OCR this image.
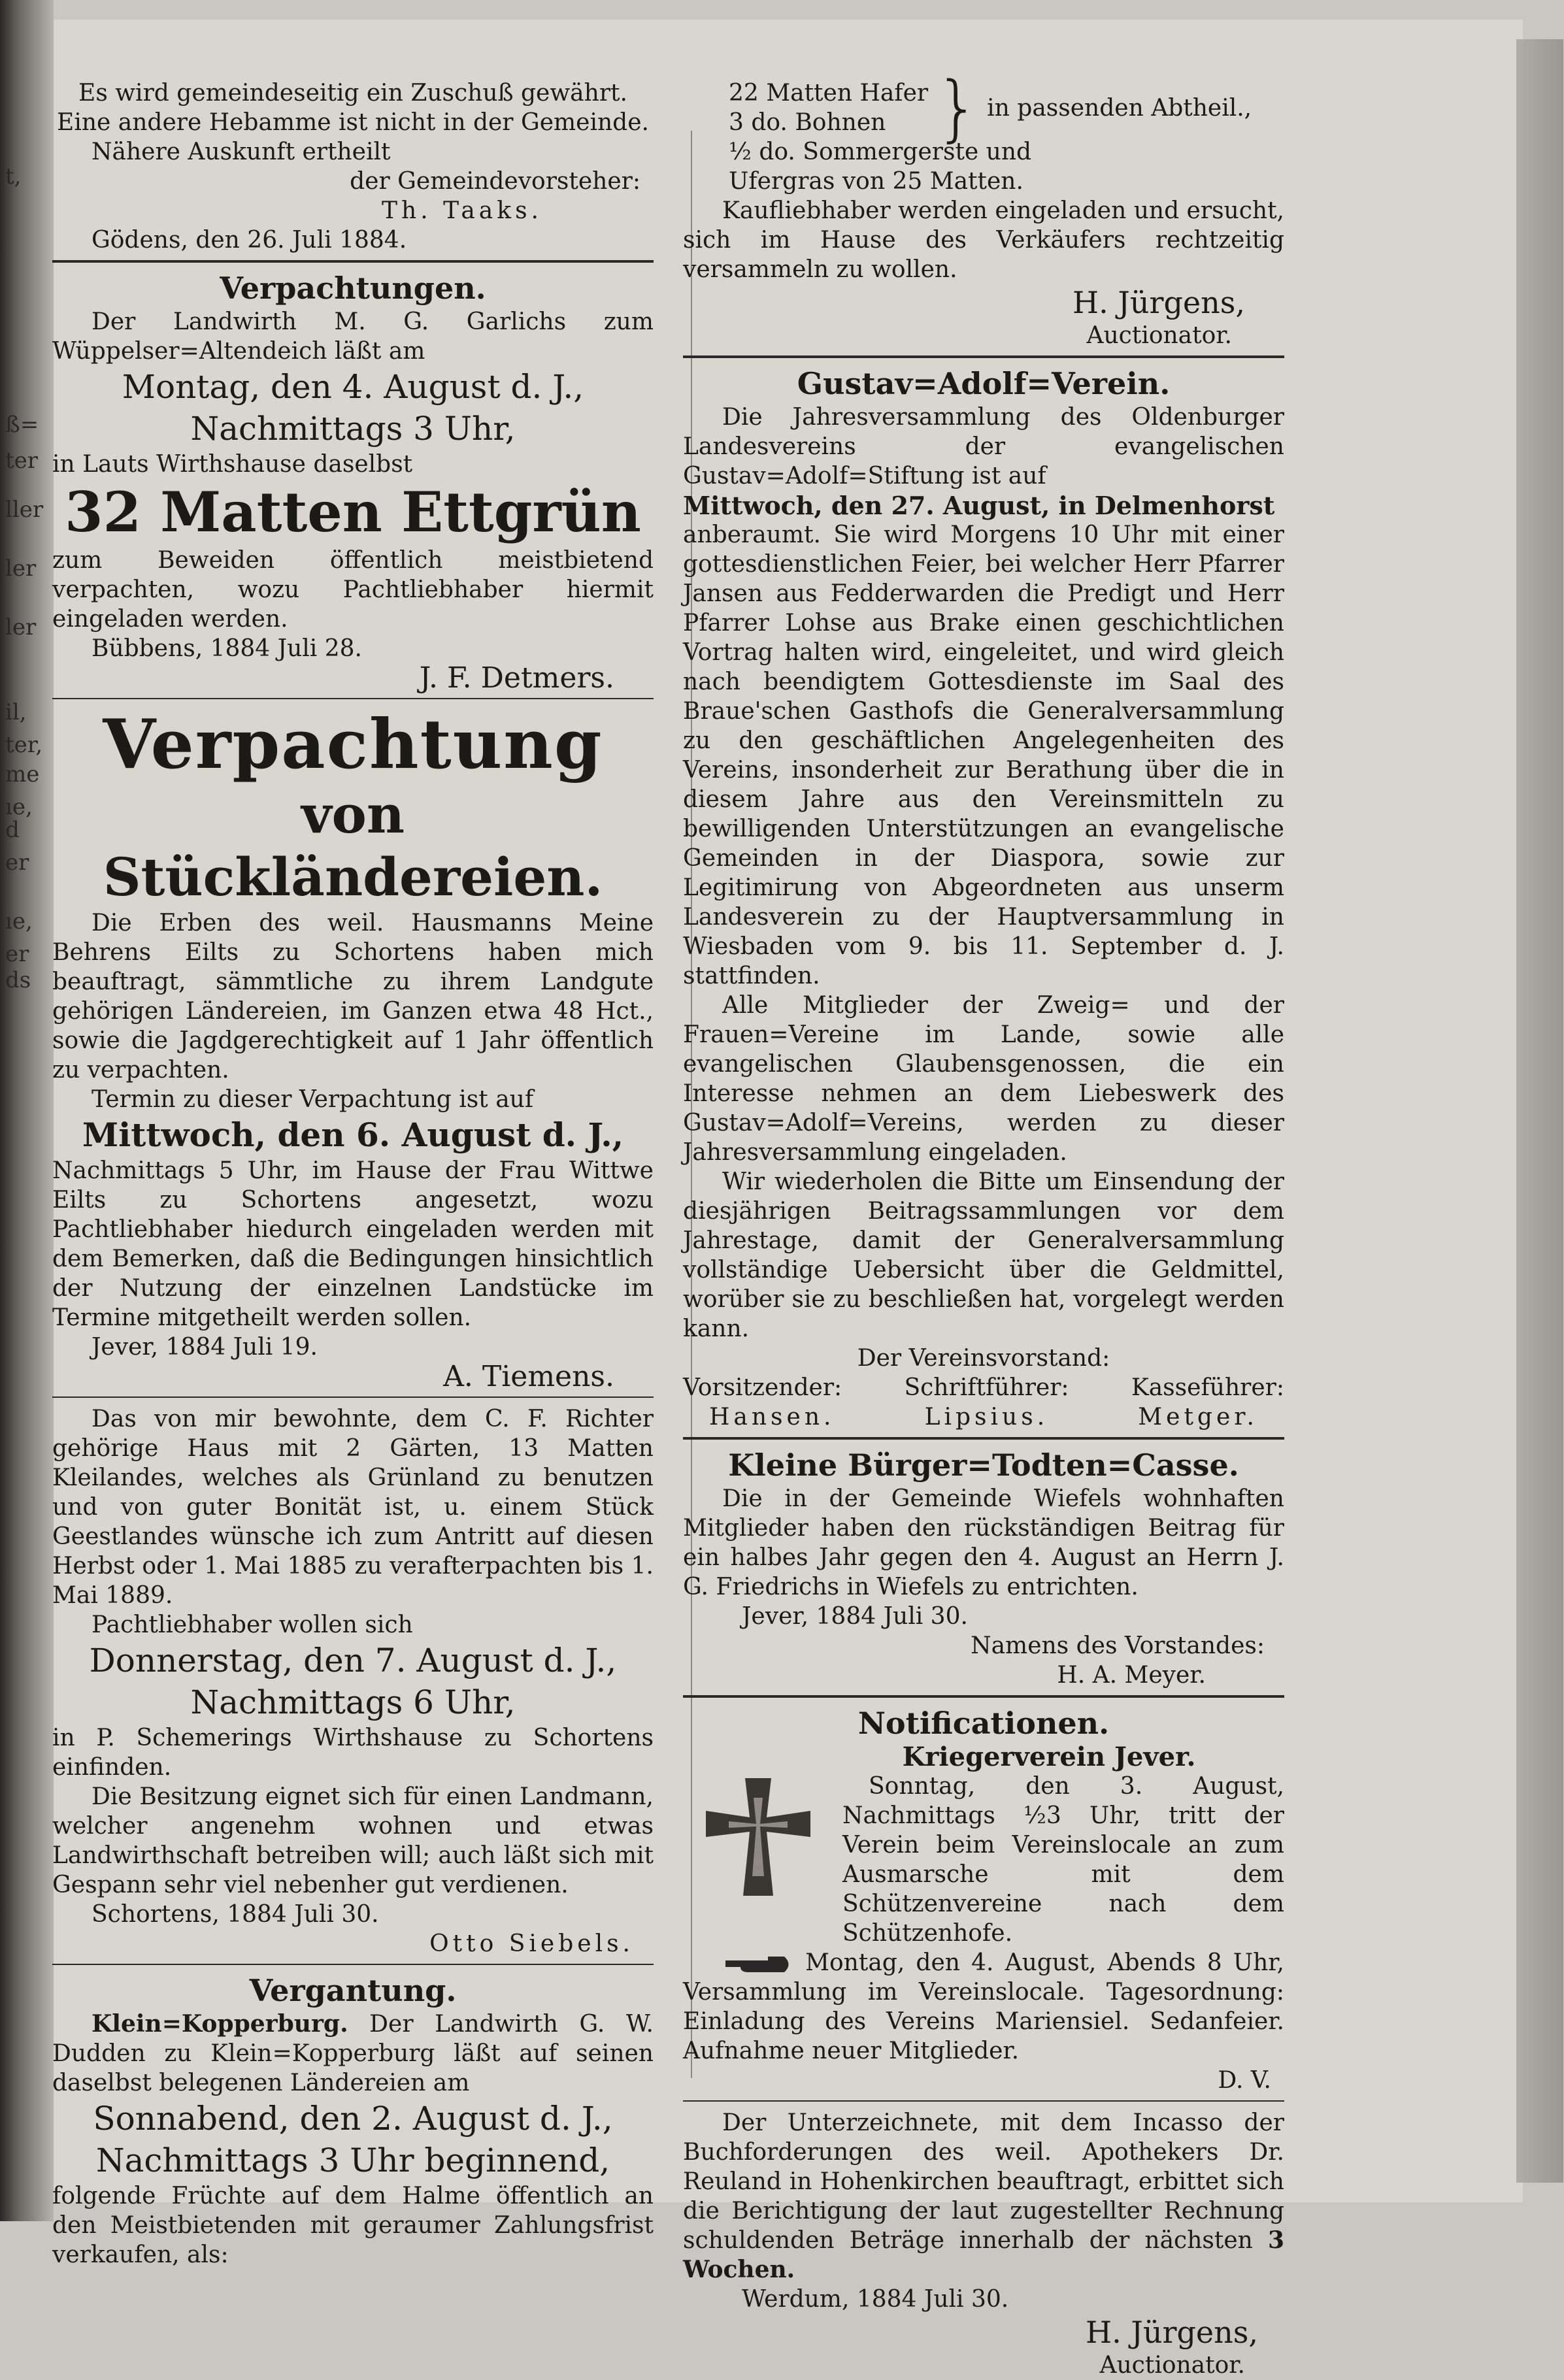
t,
ß=
ter
ller
ler
ler
il,
ter,
me
ıe,
d
er
ıe,
er
ds

Es wird gemeindeseitig ein Zuschuß gewährt.

Eine andere Hebamme ist nicht in der Gemeinde.

Nähere Auskunft ertheilt

der Gemeindevorsteher:

Th. Taaks.

Gödens, den 26. Juli 1884.

Verpachtungen.

Der Landwirth M. G. Garlichs zum Wüppelser=Altendeich läßt am

Montag, den 4. August d. J.,

Nachmittags 3 Uhr,

in Lauts Wirthshause daselbst

32 Matten Ettgrün

zum Beweiden öffentlich meistbietend verpachten, wozu Pachtliebhaber hiermit eingeladen werden.

Bübbens, 1884 Juli 28.

J. F. Detmers.

Verpachtung

von Stückländereien.

Die Erben des weil. Hausmanns Meine Behrens Eilts zu Schortens haben mich beauftragt, sämmtliche zu ihrem Landgute gehörigen Ländereien, im Ganzen etwa 48 Hct., sowie die Jagdgerechtigkeit auf 1 Jahr öffentlich zu verpachten.

Termin zu dieser Verpachtung ist auf

Mittwoch, den 6. August d. J.,

Nachmittags 5 Uhr, im Hause der Frau Wittwe Eilts zu Schortens angesetzt, wozu Pachtliebhaber hiedurch eingeladen werden mit dem Bemerken, daß die Bedingungen hinsichtlich der Nutzung der einzelnen Landstücke im Termine mitgetheilt werden sollen.

Jever, 1884 Juli 19.

A. Tiemens.

Das von mir bewohnte, dem C. F. Richter gehörige Haus mit 2 Gärten, 13 Matten Kleilandes, welches als Grünland zu benutzen und von guter Bonität ist, u. einem Stück Geestlandes wünsche ich zum Antritt auf diesen Herbst oder 1. Mai 1885 zu verafterpachten bis 1. Mai 1889.

Pachtliebhaber wollen sich

Donnerstag, den 7. August d. J.,

Nachmittags 6 Uhr,

in P. Schemerings Wirthshause zu Schortens einfinden.

Die Besitzung eignet sich für einen Landmann, welcher angenehm wohnen und etwas Landwirthschaft betreiben will; auch läßt sich mit Gespann sehr viel nebenher gut verdienen.

Schortens, 1884 Juli 30.

Otto Siebels.

Vergantung.

Klein=Kopperburg. Der Landwirth G. W. Dudden zu Klein=Kopperburg läßt auf seinen daselbst belegenen Ländereien am

Sonnabend, den 2. August d. J.,

Nachmittags 3 Uhr beginnend,

folgende Früchte auf dem Halme öffentlich an den Meistbietenden mit geraumer Zahlungsfrist verkaufen, als:

22 Matten Hafer

3 do. Bohnen } in passenden Abtheil.,

½ do. Sommergerste und

Ufergras von 25 Matten.

Kaufliebhaber werden eingeladen und ersucht, sich im Hause des Verkäufers rechtzeitig versammeln zu wollen.

H. Jürgens,

Auctionator.

Gustav=Adolf=Verein.

Die Jahresversammlung des Oldenburger Landesvereins der evangelischen Gustav=Adolf=Stiftung ist auf

Mittwoch, den 27. August, in Delmenhorst

anberaumt. Sie wird Morgens 10 Uhr mit einer gottesdienstlichen Feier, bei welcher Herr Pfarrer Jansen aus Fedderwarden die Predigt und Herr Pfarrer Lohse aus Brake einen geschichtlichen Vortrag halten wird, eingeleitet, und wird gleich nach beendigtem Gottesdienste im Saal des Braue'schen Gasthofs die Generalversammlung zu den geschäftlichen Angelegenheiten des Vereins, insonderheit zur Berathung über die in diesem Jahre aus den Vereinsmitteln zu bewilligenden Unterstützungen an evangelische Gemeinden in der Diaspora, sowie zur Legitimirung von Abgeordneten aus unserm Landesverein zu der Hauptversammlung in Wiesbaden vom 9. bis 11. September d. J. stattfinden.

Alle Mitglieder der Zweig= und der Frauen=Vereine im Lande, sowie alle evangelischen Glaubensgenossen, die ein Interesse nehmen an dem Liebeswerk des Gustav=Adolf=Vereins, werden zu dieser Jahresversammlung eingeladen.

Wir wiederholen die Bitte um Einsendung der diesjährigen Beitragssammlungen vor dem Jahrestage, damit der Generalversammlung vollständige Uebersicht über die Geldmittel, worüber sie zu beschließen hat, vorgelegt werden kann.

Der Vereinsvorstand:

Vorsitzender:	Schriftführer:	Kasseführer:
Hansen.	Lipsius.	Metger.

Kleine Bürger=Todten=Casse.

Die in der Gemeinde Wiefels wohnhaften Mitglieder haben den rückständigen Beitrag für ein halbes Jahr gegen den 4. August an Herrn J. G. Friedrichs in Wiefels zu entrichten.

Jever, 1884 Juli 30.

Namens des Vorstandes:

H. A. Meyer.

Notificationen.

Kriegerverein Jever.

Sonntag, den 3. August, Nachmittags ½3 Uhr, tritt der Verein beim Vereinslocale an zum Ausmarsche mit dem Schützenvereine nach dem Schützenhofe.

Montag, den 4. August, Abends 8 Uhr, Versammlung im Vereinslocale. Tagesordnung: Einladung des Vereins Mariensiel. Sedanfeier. Aufnahme neuer Mitglieder.

D. V.

Der Unterzeichnete, mit dem Incasso der Buchforderungen des weil. Apothekers Dr. Reuland in Hohenkirchen beauftragt, erbittet sich die Berichtigung der laut zugestellter Rechnung schuldenden Beträge innerhalb der nächsten 3 Wochen.

Werdum, 1884 Juli 30.

H. Jürgens,

Auctionator.
